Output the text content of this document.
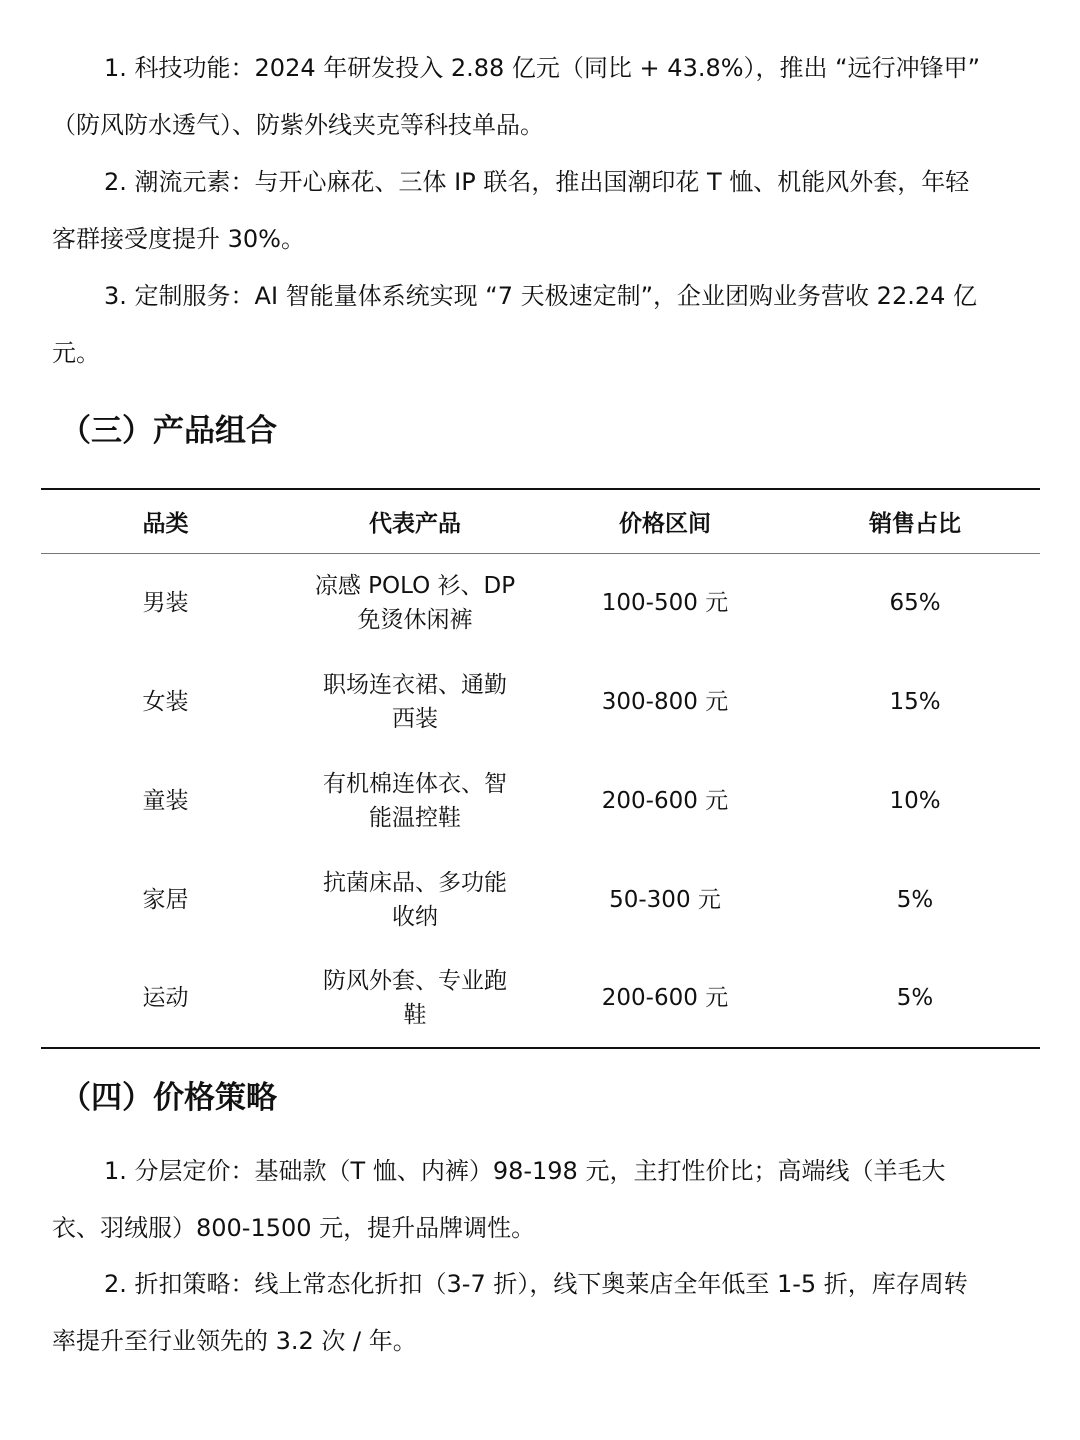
1. 科技功能：2024 年研发投入 2.88 亿元（同比 + 43.8%），推出 “远行冲锋甲”
（防风防水透气）、防紫外线夹克等科技单品。

2. 潮流元素：与开心麻花、三体 IP 联名，推出国潮印花 T 恤、机能风外套，年轻
客群接受度提升 30%。

3. 定制服务：AI 智能量体系统实现 “7 天极速定制”，企业团购业务营收 22.24 亿
元。

（三）产品组合
品类	代表产品	价格区间	销售占比
男装	凉感 POLO 衫、DP
免烫休闲裤	100-500 元	65%
女装	职场连衣裙、通勤
西装	300-800 元	15%
童装	有机棉连体衣、智
能温控鞋	200-600 元	10%
家居	抗菌床品、多功能
收纳	50-300 元	5%
运动	防风外套、专业跑
鞋	200-600 元	5%
（四）价格策略

1. 分层定价：基础款（T 恤、内裤）98-198 元，主打性价比；高端线（羊毛大
衣、羽绒服）800-1500 元，提升品牌调性。

2. 折扣策略：线上常态化折扣（3-7 折），线下奥莱店全年低至 1-5 折，库存周转
率提升至行业领先的 3.2 次 / 年。
